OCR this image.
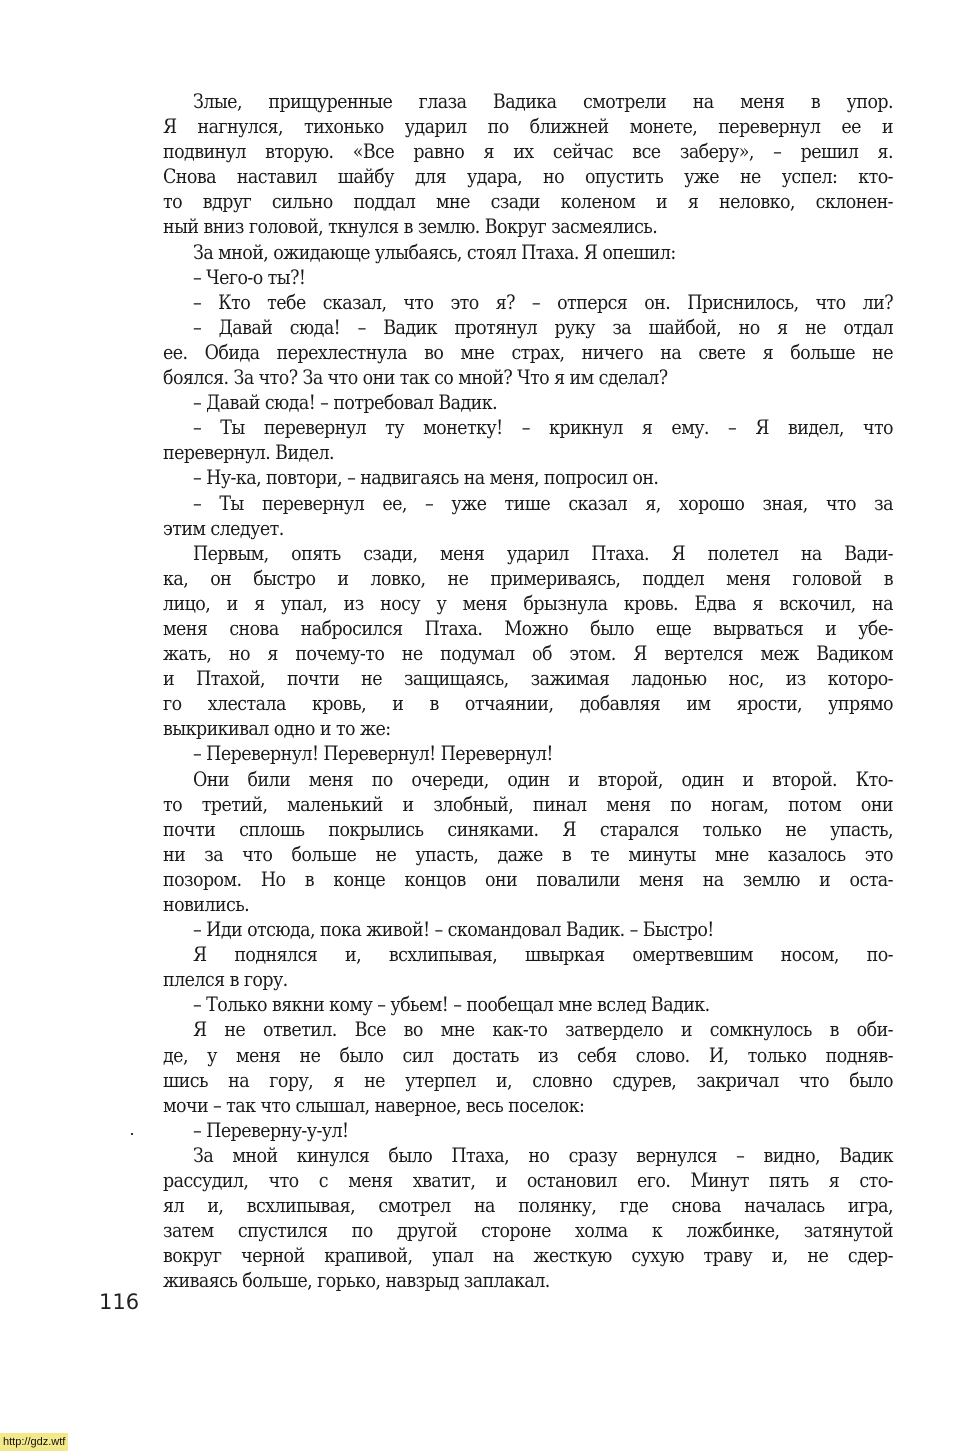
Злые, прищуренные глаза Вадика смотрели на меня в упор.
Я нагнулся, тихонько ударил по ближней монете, перевернул ее и
подвинул вторую. «Все равно я их сейчас все заберу», – решил я.
Снова наставил шайбу для удара, но опустить уже не успел: кто-
то вдруг сильно поддал мне сзади коленом и я неловко, склонен-
ный вниз головой, ткнулся в землю. Вокруг засмеялись.
За мной, ожидающе улыбаясь, стоял Птаха. Я опешил:
– Чего-о ты?!
– Кто тебе сказал, что это я? – отперся он. Приснилось, что ли?
– Давай сюда! – Вадик протянул руку за шайбой, но я не отдал
ее. Обида перехлестнула во мне страх, ничего на свете я больше не
боялся. За что? За что они так со мной? Что я им сделал?
– Давай сюда! – потребовал Вадик.
– Ты перевернул ту монетку! – крикнул я ему. – Я видел, что
перевернул. Видел.
– Ну-ка, повтори, – надвигаясь на меня, попросил он.
– Ты перевернул ее, – уже тише сказал я, хорошо зная, что за
этим следует.
Первым, опять сзади, меня ударил Птаха. Я полетел на Вади-
ка, он быстро и ловко, не примериваясь, поддел меня головой в
лицо, и я упал, из носу у меня брызнула кровь. Едва я вскочил, на
меня снова набросился Птаха. Можно было еще вырваться и убе-
жать, но я почему-то не подумал об этом. Я вертелся меж Вадиком
и Птахой, почти не защищаясь, зажимая ладонью нос, из которо-
го хлестала кровь, и в отчаянии, добавляя им ярости, упрямо
выкрикивал одно и то же:
– Перевернул! Перевернул! Перевернул!
Они били меня по очереди, один и второй, один и второй. Кто-
то третий, маленький и злобный, пинал меня по ногам, потом они
почти сплошь покрылись синяками. Я старался только не упасть,
ни за что больше не упасть, даже в те минуты мне казалось это
позором. Но в конце концов они повалили меня на землю и оста-
новились.
– Иди отсюда, пока живой! – скомандовал Вадик. – Быстро!
Я поднялся и, всхлипывая, швыркая омертвевшим носом, по-
плелся в гору.
– Только вякни кому – убьем! – пообещал мне вслед Вадик.
Я не ответил. Все во мне как-то затвердело и сомкнулось в оби-
де, у меня не было сил достать из себя слово. И, только подняв-
шись на гору, я не утерпел и, словно сдурев, закричал что было
мочи – так что слышал, наверное, весь поселок:
– Переверну-у-ул!
За мной кинулся было Птаха, но сразу вернулся – видно, Вадик
рассудил, что с меня хватит, и остановил его. Минут пять я сто-
ял и, всхлипывая, смотрел на полянку, где снова началась игра,
затем спустился по другой стороне холма к ложбинке, затянутой
вокруг черной крапивой, упал на жесткую сухую траву и, не сдер-
живаясь больше, горько, навзрыд заплакал.
116
http://gdz.wtf
